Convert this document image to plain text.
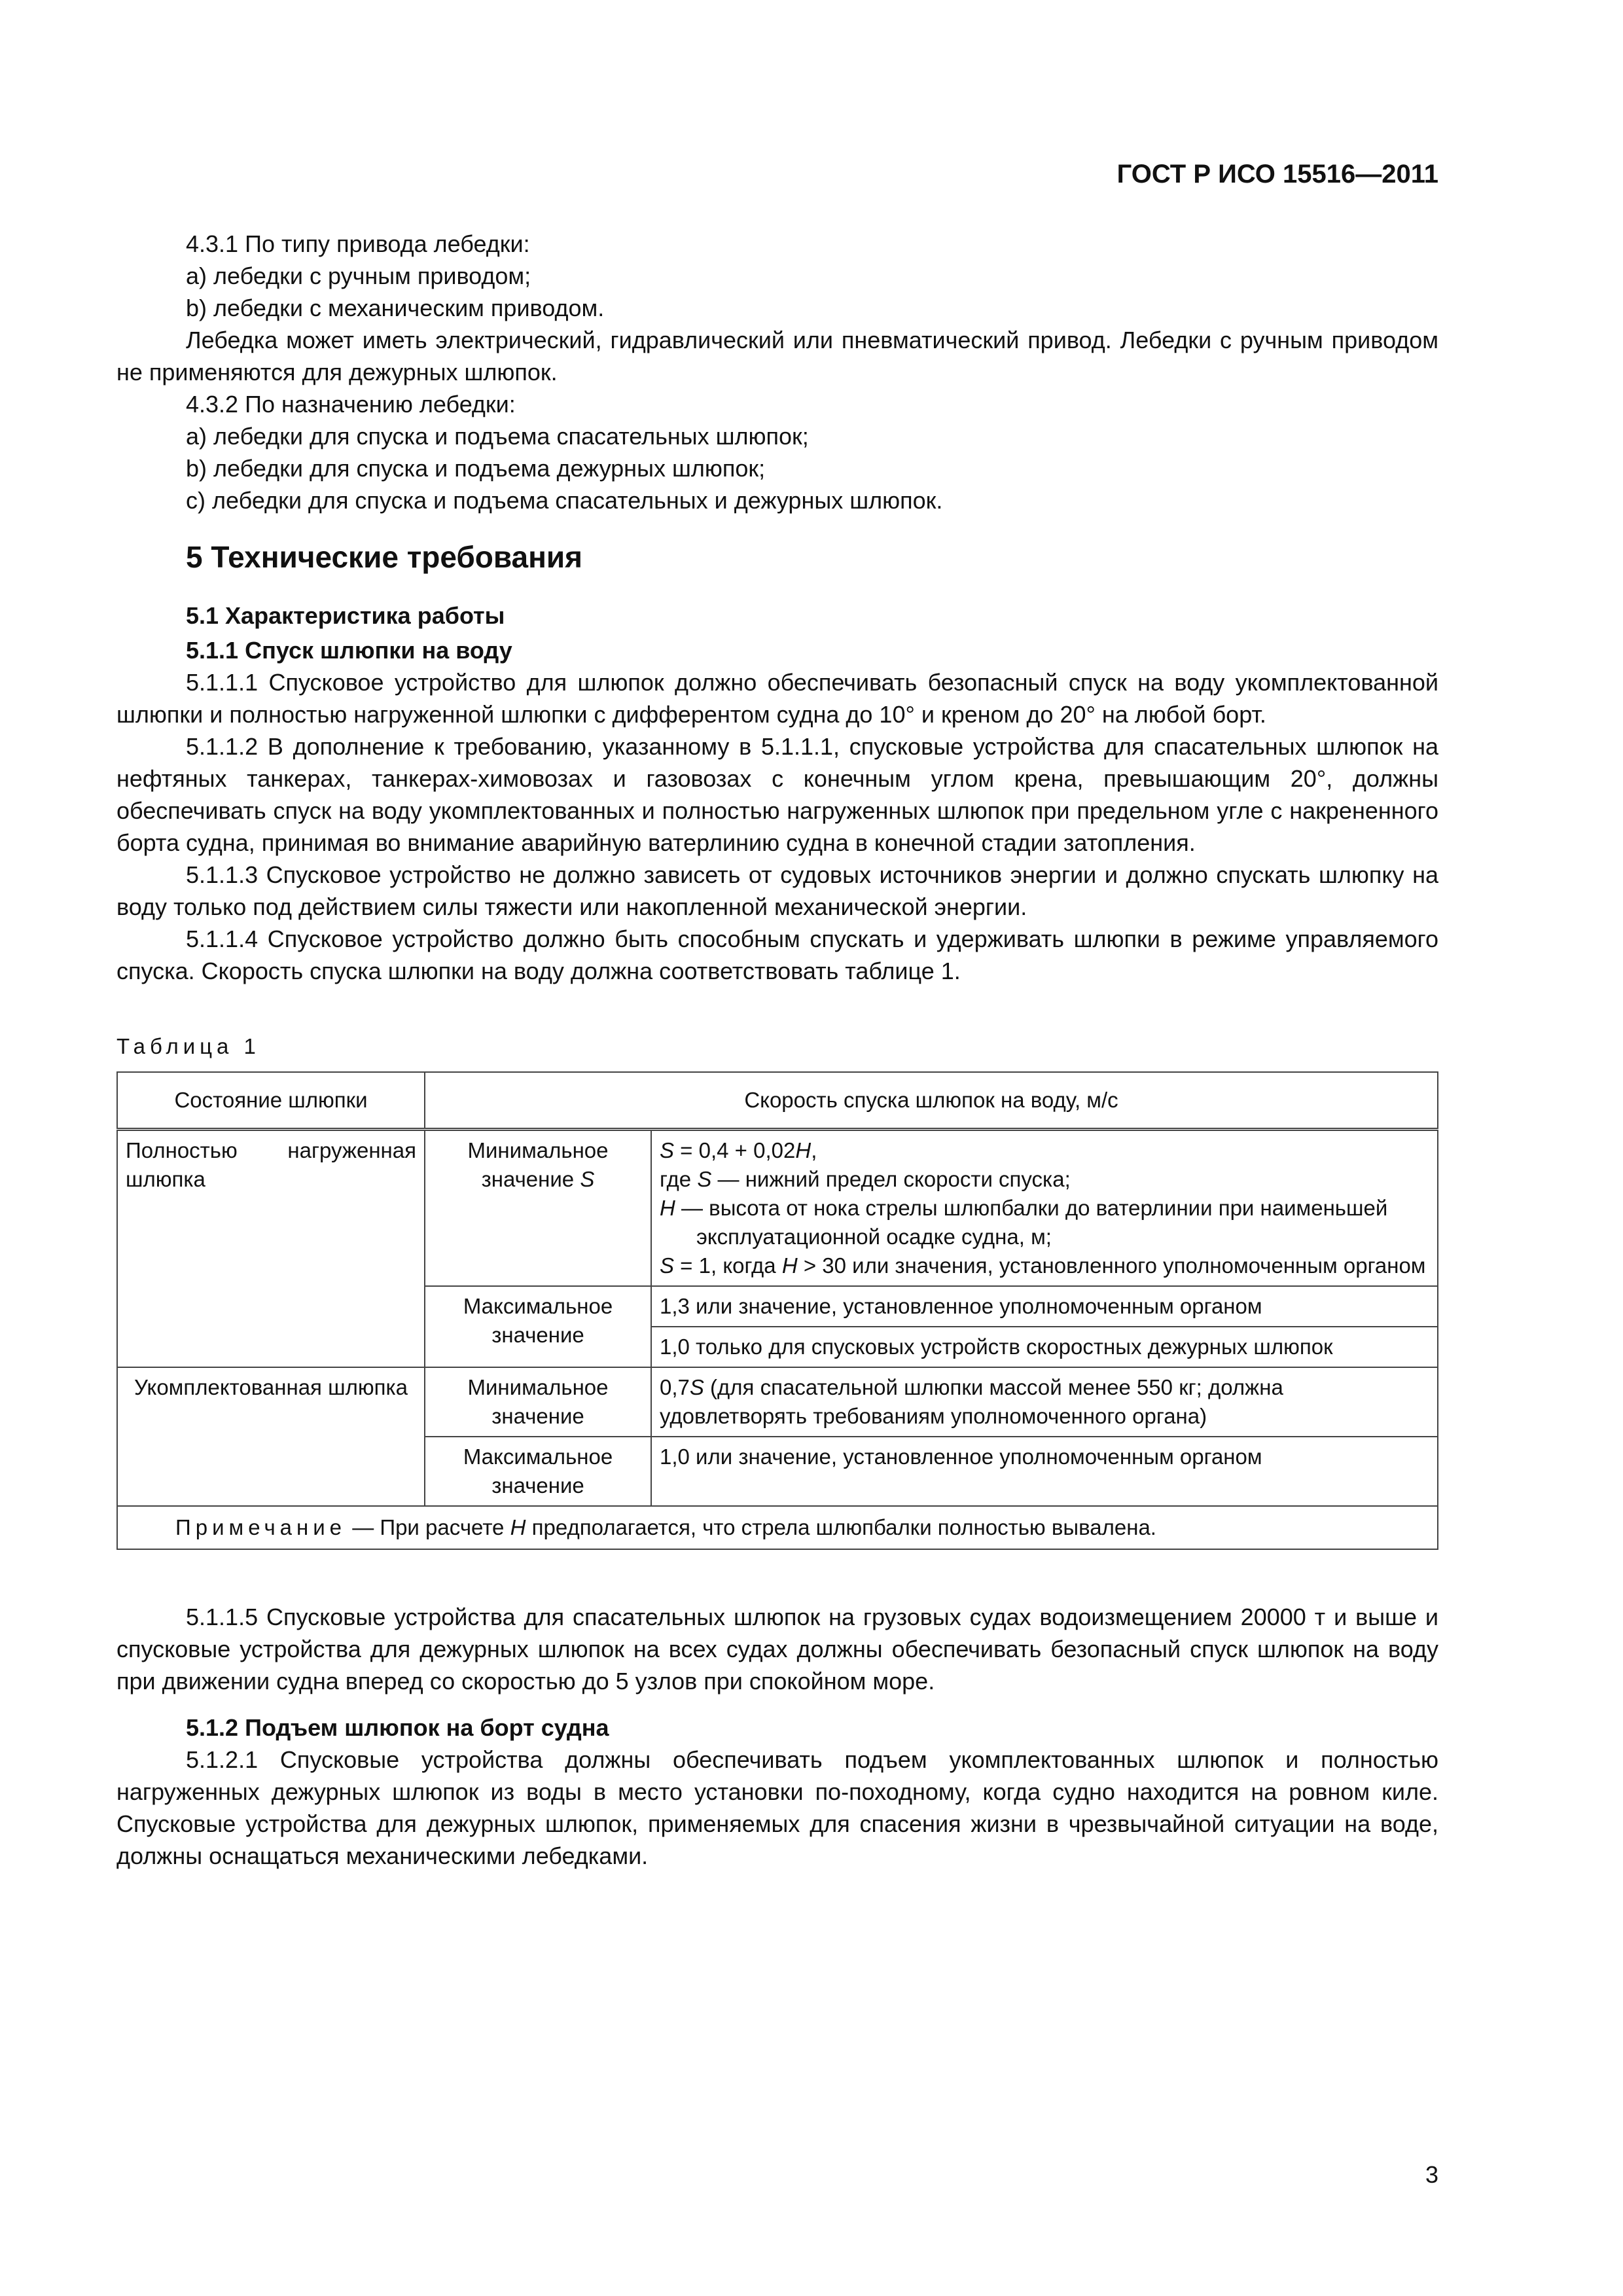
ГОСТ Р ИСО 15516—2011

4.3.1 По типу привода лебедки:

a) лебедки с ручным приводом;

b) лебедки с механическим приводом.

Лебедка может иметь электрический, гидравлический или пневматический привод. Лебедки с ручным приводом не применяются для дежурных шлюпок.

4.3.2 По назначению лебедки:

a) лебедки для спуска и подъема спасательных шлюпок;

b) лебедки для спуска и подъема дежурных шлюпок;

c) лебедки для спуска и подъема спасательных и дежурных шлюпок.

5 Технические требования

5.1 Характеристика работы

5.1.1 Спуск шлюпки на воду

5.1.1.1 Спусковое устройство для шлюпок должно обеспечивать безопасный спуск на воду укомплектованной шлюпки и полностью нагруженной шлюпки с дифферентом судна до 10° и креном до 20° на любой борт.

5.1.1.2 В дополнение к требованию, указанному в 5.1.1.1, спусковые устройства для спасательных шлюпок на нефтяных танкерах, танкерах-химовозах и газовозах с конечным углом крена, превышающим 20°, должны обеспечивать спуск на воду укомплектованных и полностью нагруженных шлюпок при предельном угле с накрененного борта судна, принимая во внимание аварийную ватерлинию судна в конечной стадии затопления.

5.1.1.3 Спусковое устройство не должно зависеть от судовых источников энергии и должно спускать шлюпку на воду только под действием силы тяжести или накопленной механической энергии.

5.1.1.4 Спусковое устройство должно быть способным спускать и удерживать шлюпки в режиме управляемого спуска. Скорость спуска шлюпки на воду должна соответствовать таблице 1.

Таблица 1

Состояние шлюпки	Скорость спуска шлюпок на воду, м/с	
Полностью нагруженная шлюпка	Минимальное значение S	S = 0,4 + 0,02H,
где S — нижний предел скорости спуска;
H — высота от нока стрелы шлюпбалки до ватерлинии при наименьшей эксплуатационной осадке судна, м;
S = 1, когда H > 30 или значения, установленного уполномоченным органом

	Максимальное значение	1,3 или значение, установленное уполномоченным органом
		1,0 только для спусковых устройств скоростных дежурных шлюпок
Укомплектованная шлюпка	Минимальное значение	0,7S (для спасательной шлюпки массой менее 550 кг; должна удовлетворять требованиям уполномоченного органа)
	Максимальное значение	1,0 или значение, установленное уполномоченным органом
Примечание — При расчете H предполагается, что стрела шлюпбалки полностью вывалена.		

5.1.1.5 Спусковые устройства для спасательных шлюпок на грузовых судах водоизмещением 20000 т и выше и спусковые устройства для дежурных шлюпок на всех судах должны обеспечивать безопасный спуск шлюпок на воду при движении судна вперед со скоростью до 5 узлов при спокойном море.

5.1.2 Подъем шлюпок на борт судна

5.1.2.1 Спусковые устройства должны обеспечивать подъем укомплектованных шлюпок и полностью нагруженных дежурных шлюпок из воды в место установки по-походному, когда судно находится на ровном киле. Спусковые устройства для дежурных шлюпок, применяемых для спасения жизни в чрезвычайной ситуации на воде, должны оснащаться механическими лебедками.

3
